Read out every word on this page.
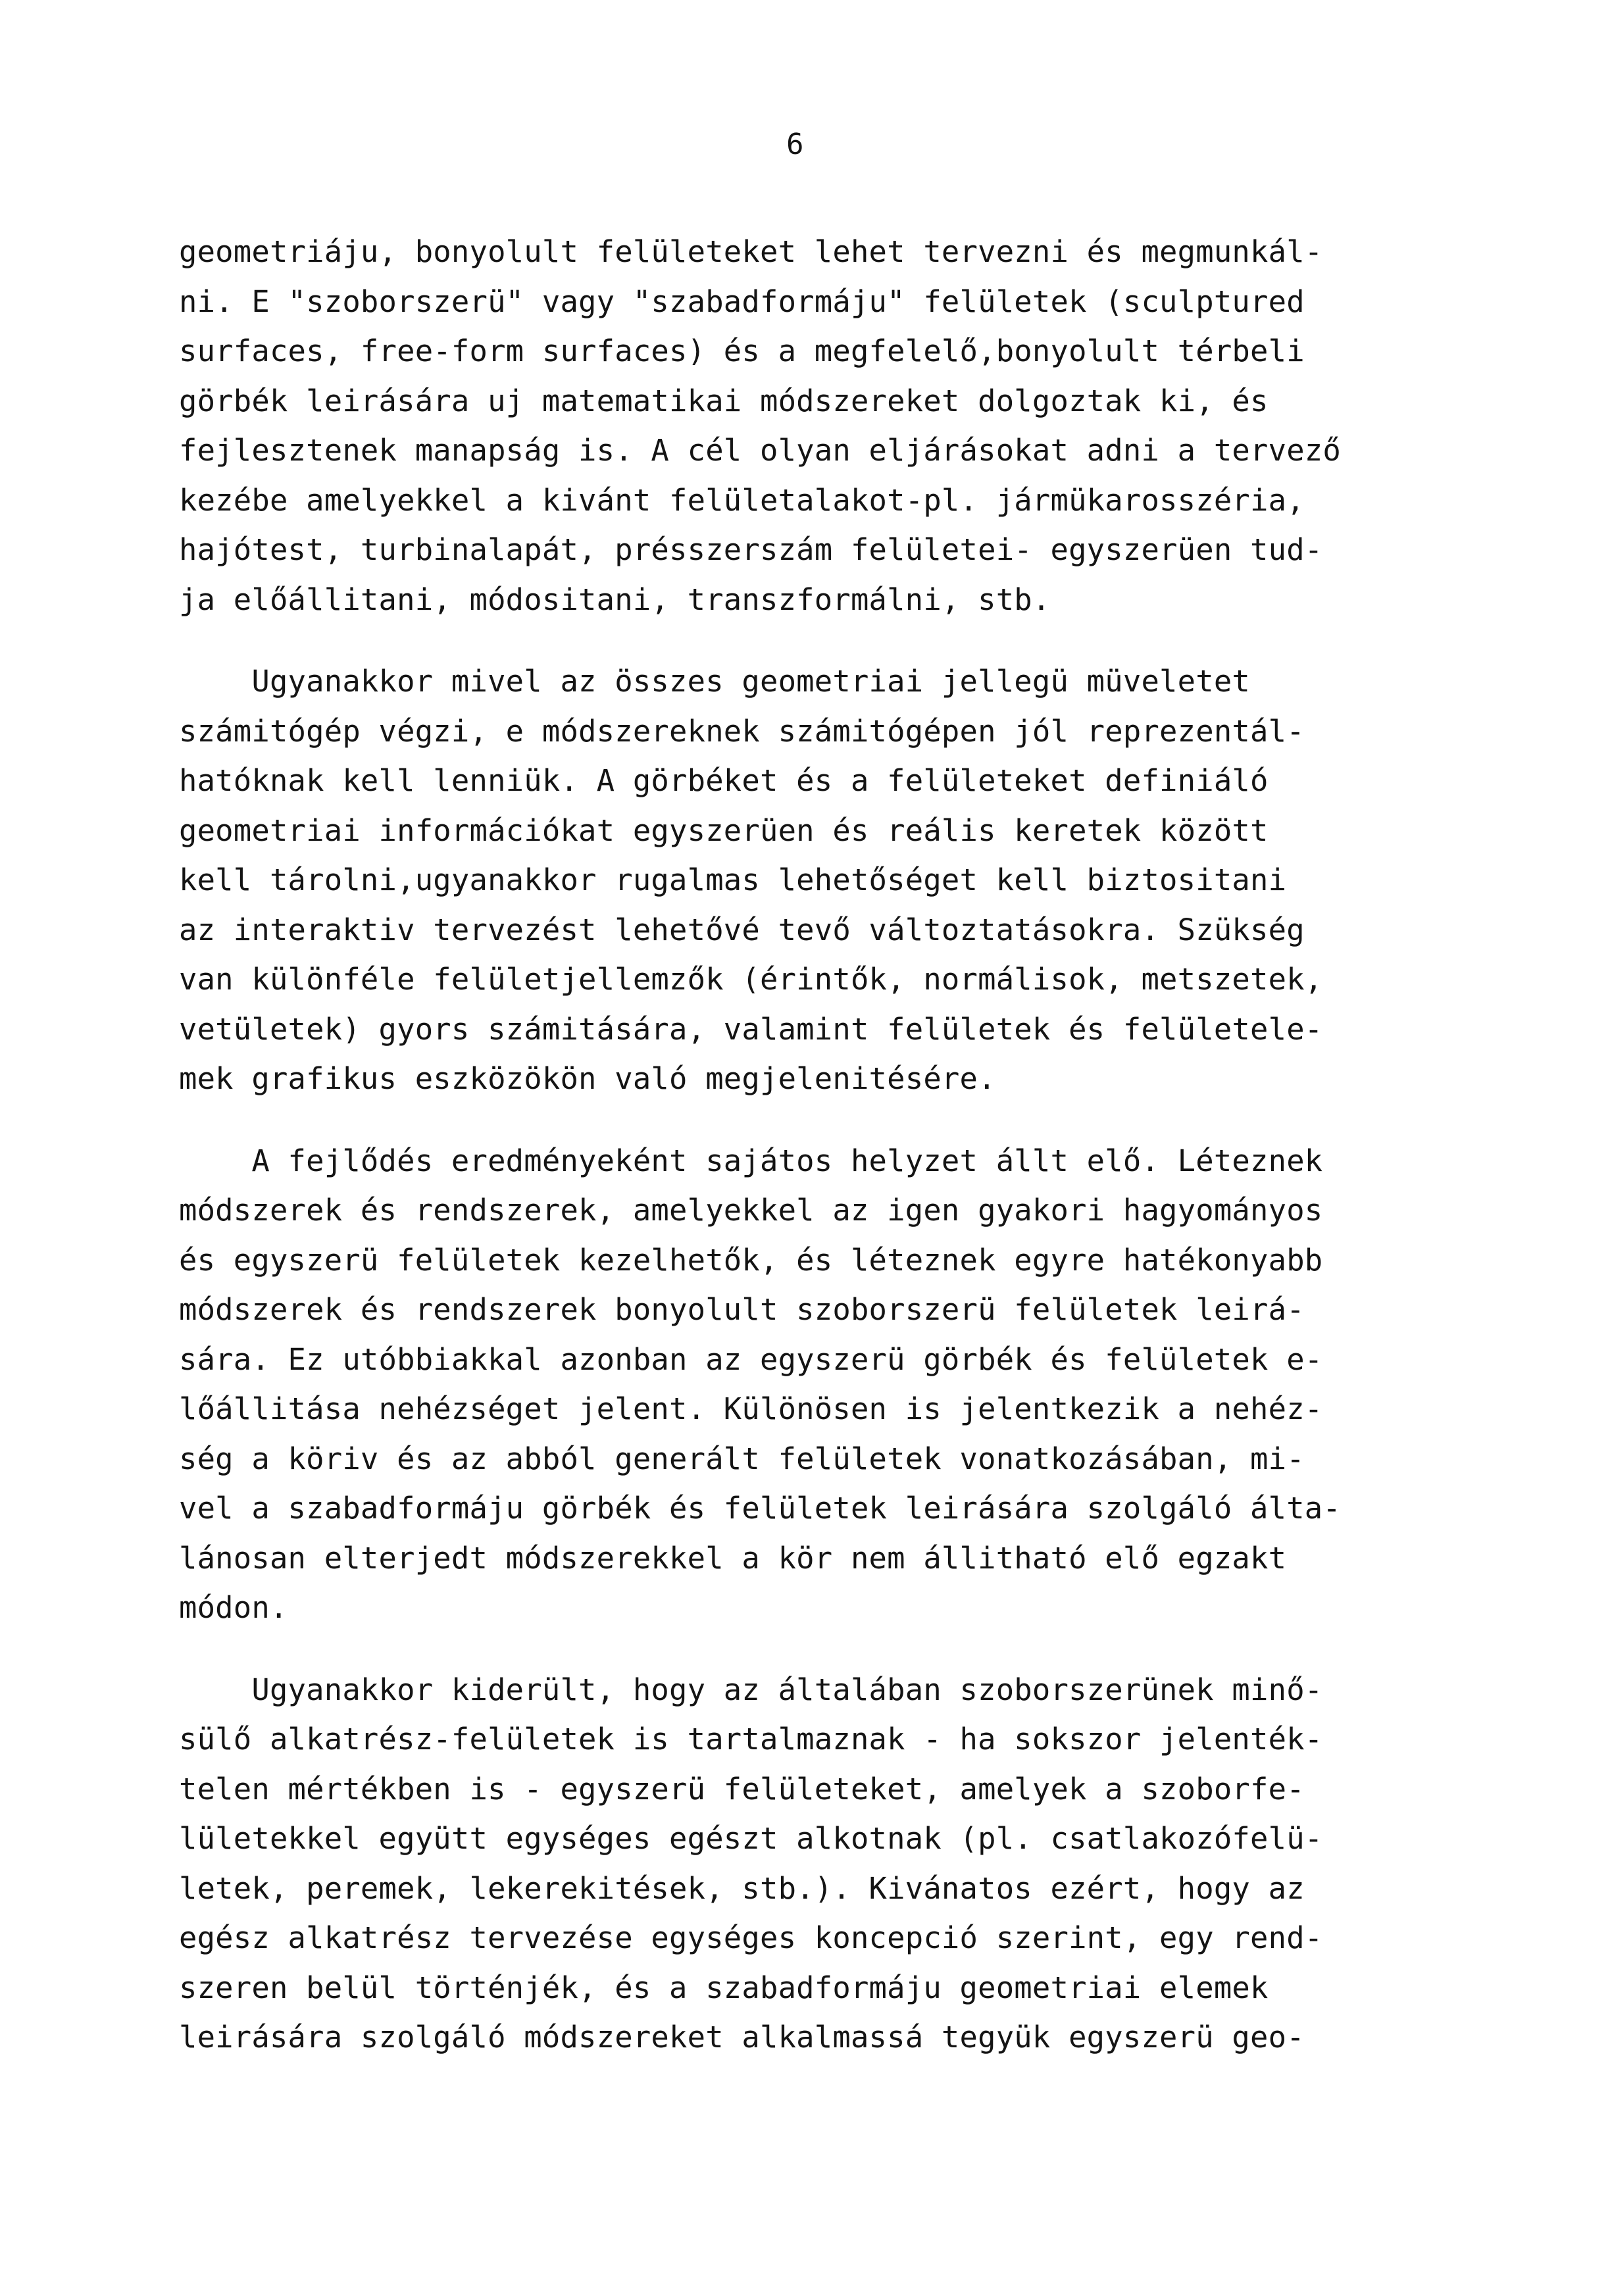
6

geometriáju, bonyolult felületeket lehet tervezni és megmunkál-
ni. E "szoborszerü" vagy "szabadformáju" felületek (sculptured
surfaces, free-form surfaces) és a megfelelő,bonyolult térbeli
görbék leirására uj matematikai módszereket dolgoztak ki, és
fejlesztenek manapság is. A cél olyan eljárásokat adni a tervező
kezébe amelyekkel a kivánt felületalakot-pl. jármükarosszéria,
hajótest, turbinalapát, présszerszám felületei- egyszerüen tud-
ja előállitani, módositani, transzformálni, stb.

Ugyanakkor mivel az összes geometriai jellegü müveletet
számitógép végzi, e módszereknek számitógépen jól reprezentál-
hatóknak kell lenniük. A görbéket és a felületeket definiáló
geometriai információkat egyszerüen és reális keretek között
kell tárolni,ugyanakkor rugalmas lehetőséget kell biztositani
az interaktiv tervezést lehetővé tevő változtatásokra. Szükség
van különféle felületjellemzők (érintők, normálisok, metszetek,
vetületek) gyors számitására, valamint felületek és felületele-
mek grafikus eszközökön való megjelenitésére.

A fejlődés eredményeként sajátos helyzet állt elő. Léteznek
módszerek és rendszerek, amelyekkel az igen gyakori hagyományos
és egyszerü felületek kezelhetők, és léteznek egyre hatékonyabb
módszerek és rendszerek bonyolult szoborszerü felületek leirá-
sára. Ez utóbbiakkal azonban az egyszerü görbék és felületek e-
lőállitása nehézséget jelent. Különösen is jelentkezik a nehéz-
ség a köriv és az abból generált felületek vonatkozásában, mi-
vel a szabadformáju görbék és felületek leirására szolgáló álta-
lánosan elterjedt módszerekkel a kör nem állitható elő egzakt
módon.

Ugyanakkor kiderült, hogy az általában szoborszerünek minő-
sülő alkatrész-felületek is tartalmaznak - ha sokszor jelenték-
telen mértékben is - egyszerü felületeket, amelyek a szoborfe-
lületekkel együtt egységes egészt alkotnak (pl. csatlakozófelü-
letek, peremek, lekerekitések, stb.). Kivánatos ezért, hogy az
egész alkatrész tervezése egységes koncepció szerint, egy rend-
szeren belül történjék, és a szabadformáju geometriai elemek
leirására szolgáló módszereket alkalmassá tegyük egyszerü geo-
